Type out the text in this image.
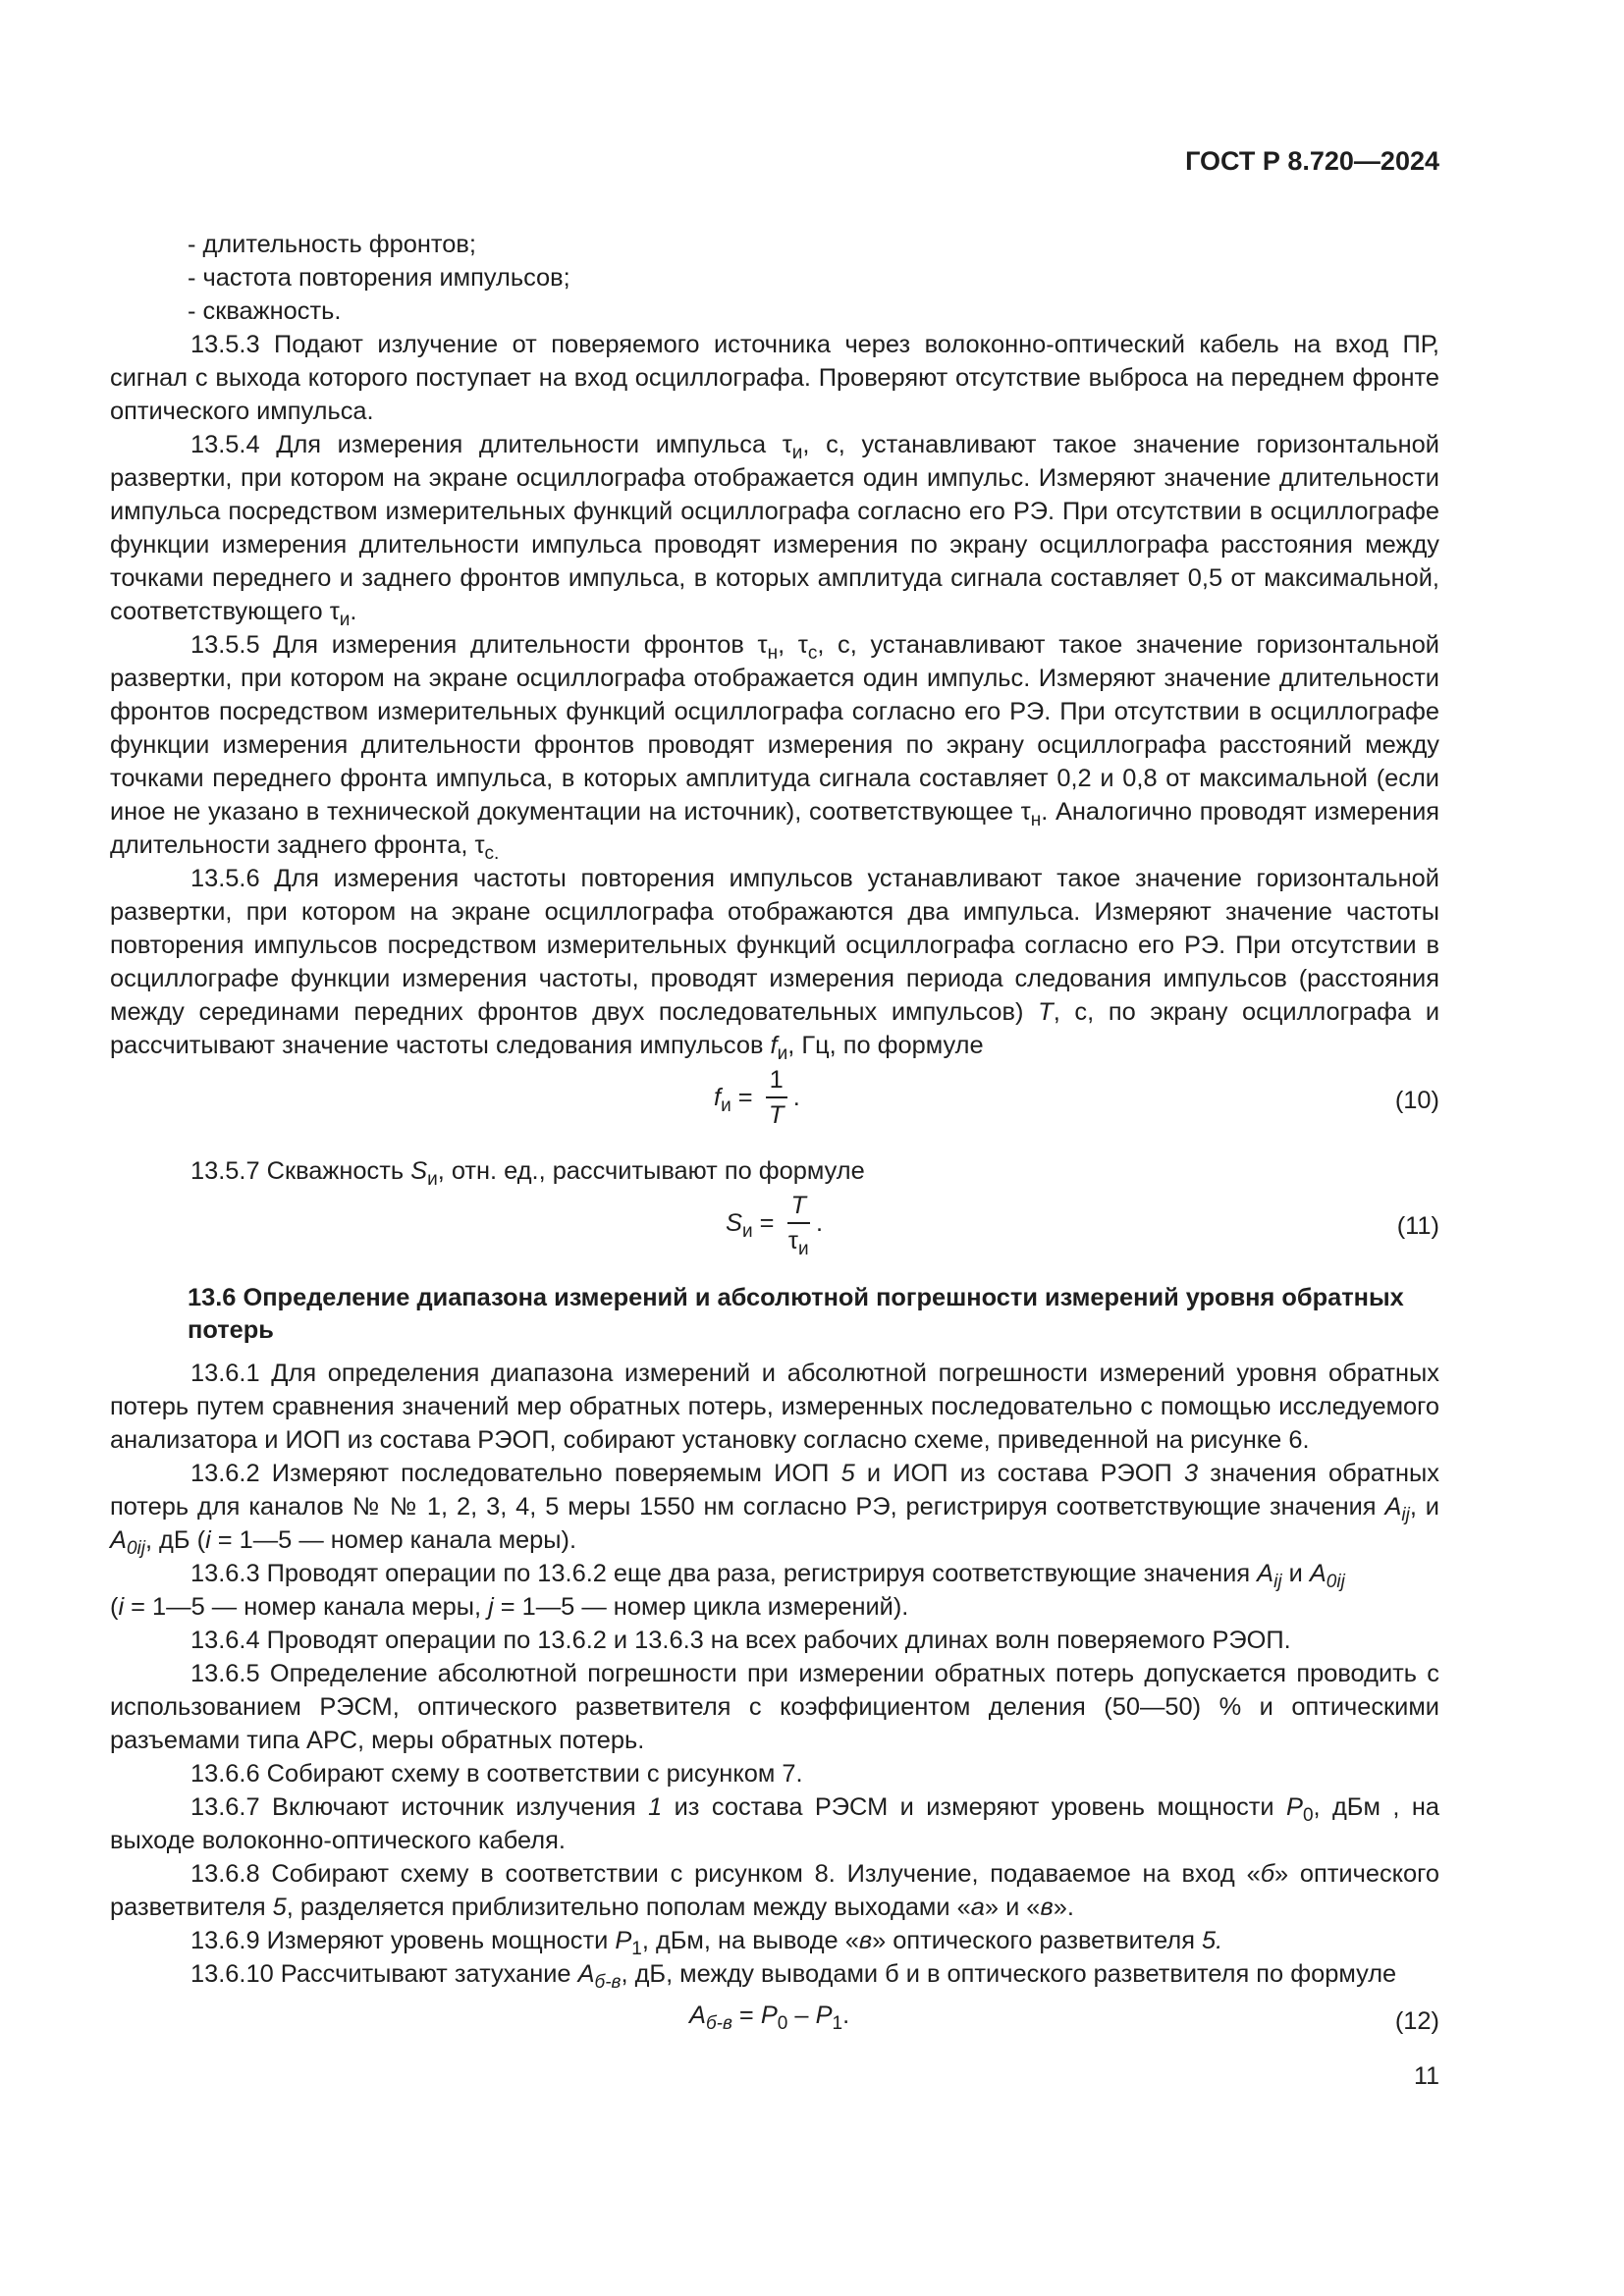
ГОСТ Р 8.720—2024

- длительность фронтов;

- частота повторения импульсов;

- скважность.

13.5.3 Подают излучение от поверяемого источника через волоконно-оптический кабель на вход ПР, сигнал с выхода которого поступает на вход осциллографа. Проверяют отсутствие выброса на переднем фронте оптического импульса.

13.5.4 Для измерения длительности импульса $\tau_и$, с, устанавливают такое значение горизонтальной развертки, при котором на экране осциллографа отображается один импульс. Измеряют значение длительности импульса посредством измерительных функций осциллографа согласно его РЭ. При отсутствии в осциллографе функции измерения длительности импульса проводят измерения по экрану осциллографа расстояния между точками переднего и заднего фронтов импульса, в которых амплитуда сигнала составляет 0,5 от максимальной, соответствующего $\tau_и$.

13.5.5 Для измерения длительности фронтов $\tau_н$, $\tau_с$, с, устанавливают такое значение горизонтальной развертки, при котором на экране осциллографа отображается один импульс. Измеряют значение длительности фронтов посредством измерительных функций осциллографа согласно его РЭ. При отсутствии в осциллографе функции измерения длительности фронтов проводят измерения по экрану осциллографа расстояний между точками переднего фронта импульса, в которых амплитуда сигнала составляет 0,2 и 0,8 от максимальной (если иное не указано в технической документации на источник), соответствующее $\tau_н$. Аналогично проводят измерения длительности заднего фронта, $\tau_{с.}$

13.5.6 Для измерения частоты повторения импульсов устанавливают такое значение горизонтальной развертки, при котором на экране осциллографа отображаются два импульса. Измеряют значение частоты повторения импульсов посредством измерительных функций осциллографа согласно его РЭ. При отсутствии в осциллографе функции измерения частоты, проводят измерения периода следования импульсов (расстояния между серединами передних фронтов двух последовательных импульсов) T, с, по экрану осциллографа и рассчитывают значение частоты следования импульсов $f_и$, Гц, по формуле

$f_и = \frac{1}{T}$ .	(10)

13.5.7 Скважность $S_и$, отн. ед., рассчитывают по формуле

$S_и = \frac{T}{\tau_и}$ .	(11)
13.6 Определение диапазона измерений и абсолютной погрешности измерений уровня обратных потерь

13.6.1 Для определения диапазона измерений и абсолютной погрешности измерений уровня обратных потерь путем сравнения значений мер обратных потерь, измеренных последовательно с помощью исследуемого анализатора и ИОП из состава РЭОП, собирают установку согласно схеме, приведенной на рисунке 6.

13.6.2 Измеряют последовательно поверяемым ИОП 5 и ИОП из состава РЭОП 3 значения обратных потерь для каналов № № 1, 2, 3, 4, 5 меры 1550 нм согласно РЭ, регистрируя соответствующие значения $A_{ij}$, и $A_{0ij}$, дБ (i = 1—5 — номер канала меры).

13.6.3 Проводят операции по 13.6.2 еще два раза, регистрируя соответствующие значения $A_{ij}$ и $A_{0ij}$
(i = 1—5 — номер канала меры, j = 1—5 — номер цикла измерений).

13.6.4 Проводят операции по 13.6.2 и 13.6.3 на всех рабочих длинах волн поверяемого РЭОП.

13.6.5 Определение абсолютной погрешности при измерении обратных потерь допускается проводить с использованием РЭСМ, оптического разветвителя с коэффициентом деления (50—50) % и оптическими разъемами типа АРС, меры обратных потерь.

13.6.6 Собирают схему в соответствии с рисунком 7.

13.6.7 Включают источник излучения 1 из состава РЭСМ и измеряют уровень мощности $P_0$, дБм , на выходе волоконно-оптического кабеля.

13.6.8 Собирают схему в соответствии с рисунком 8. Излучение, подаваемое на вход «б» оптического разветвителя 5, разделяется приблизительно пополам между выходами «а» и «в».

13.6.9 Измеряют уровень мощности $P_1$, дБм, на выводе «в» оптического разветвителя 5.

13.6.10 Рассчитывают затухание $A_{б-в}$, дБ, между выводами б и в оптического разветвителя по формуле

$A_{б-в} = P_0 - P_1$.	(12)
11
